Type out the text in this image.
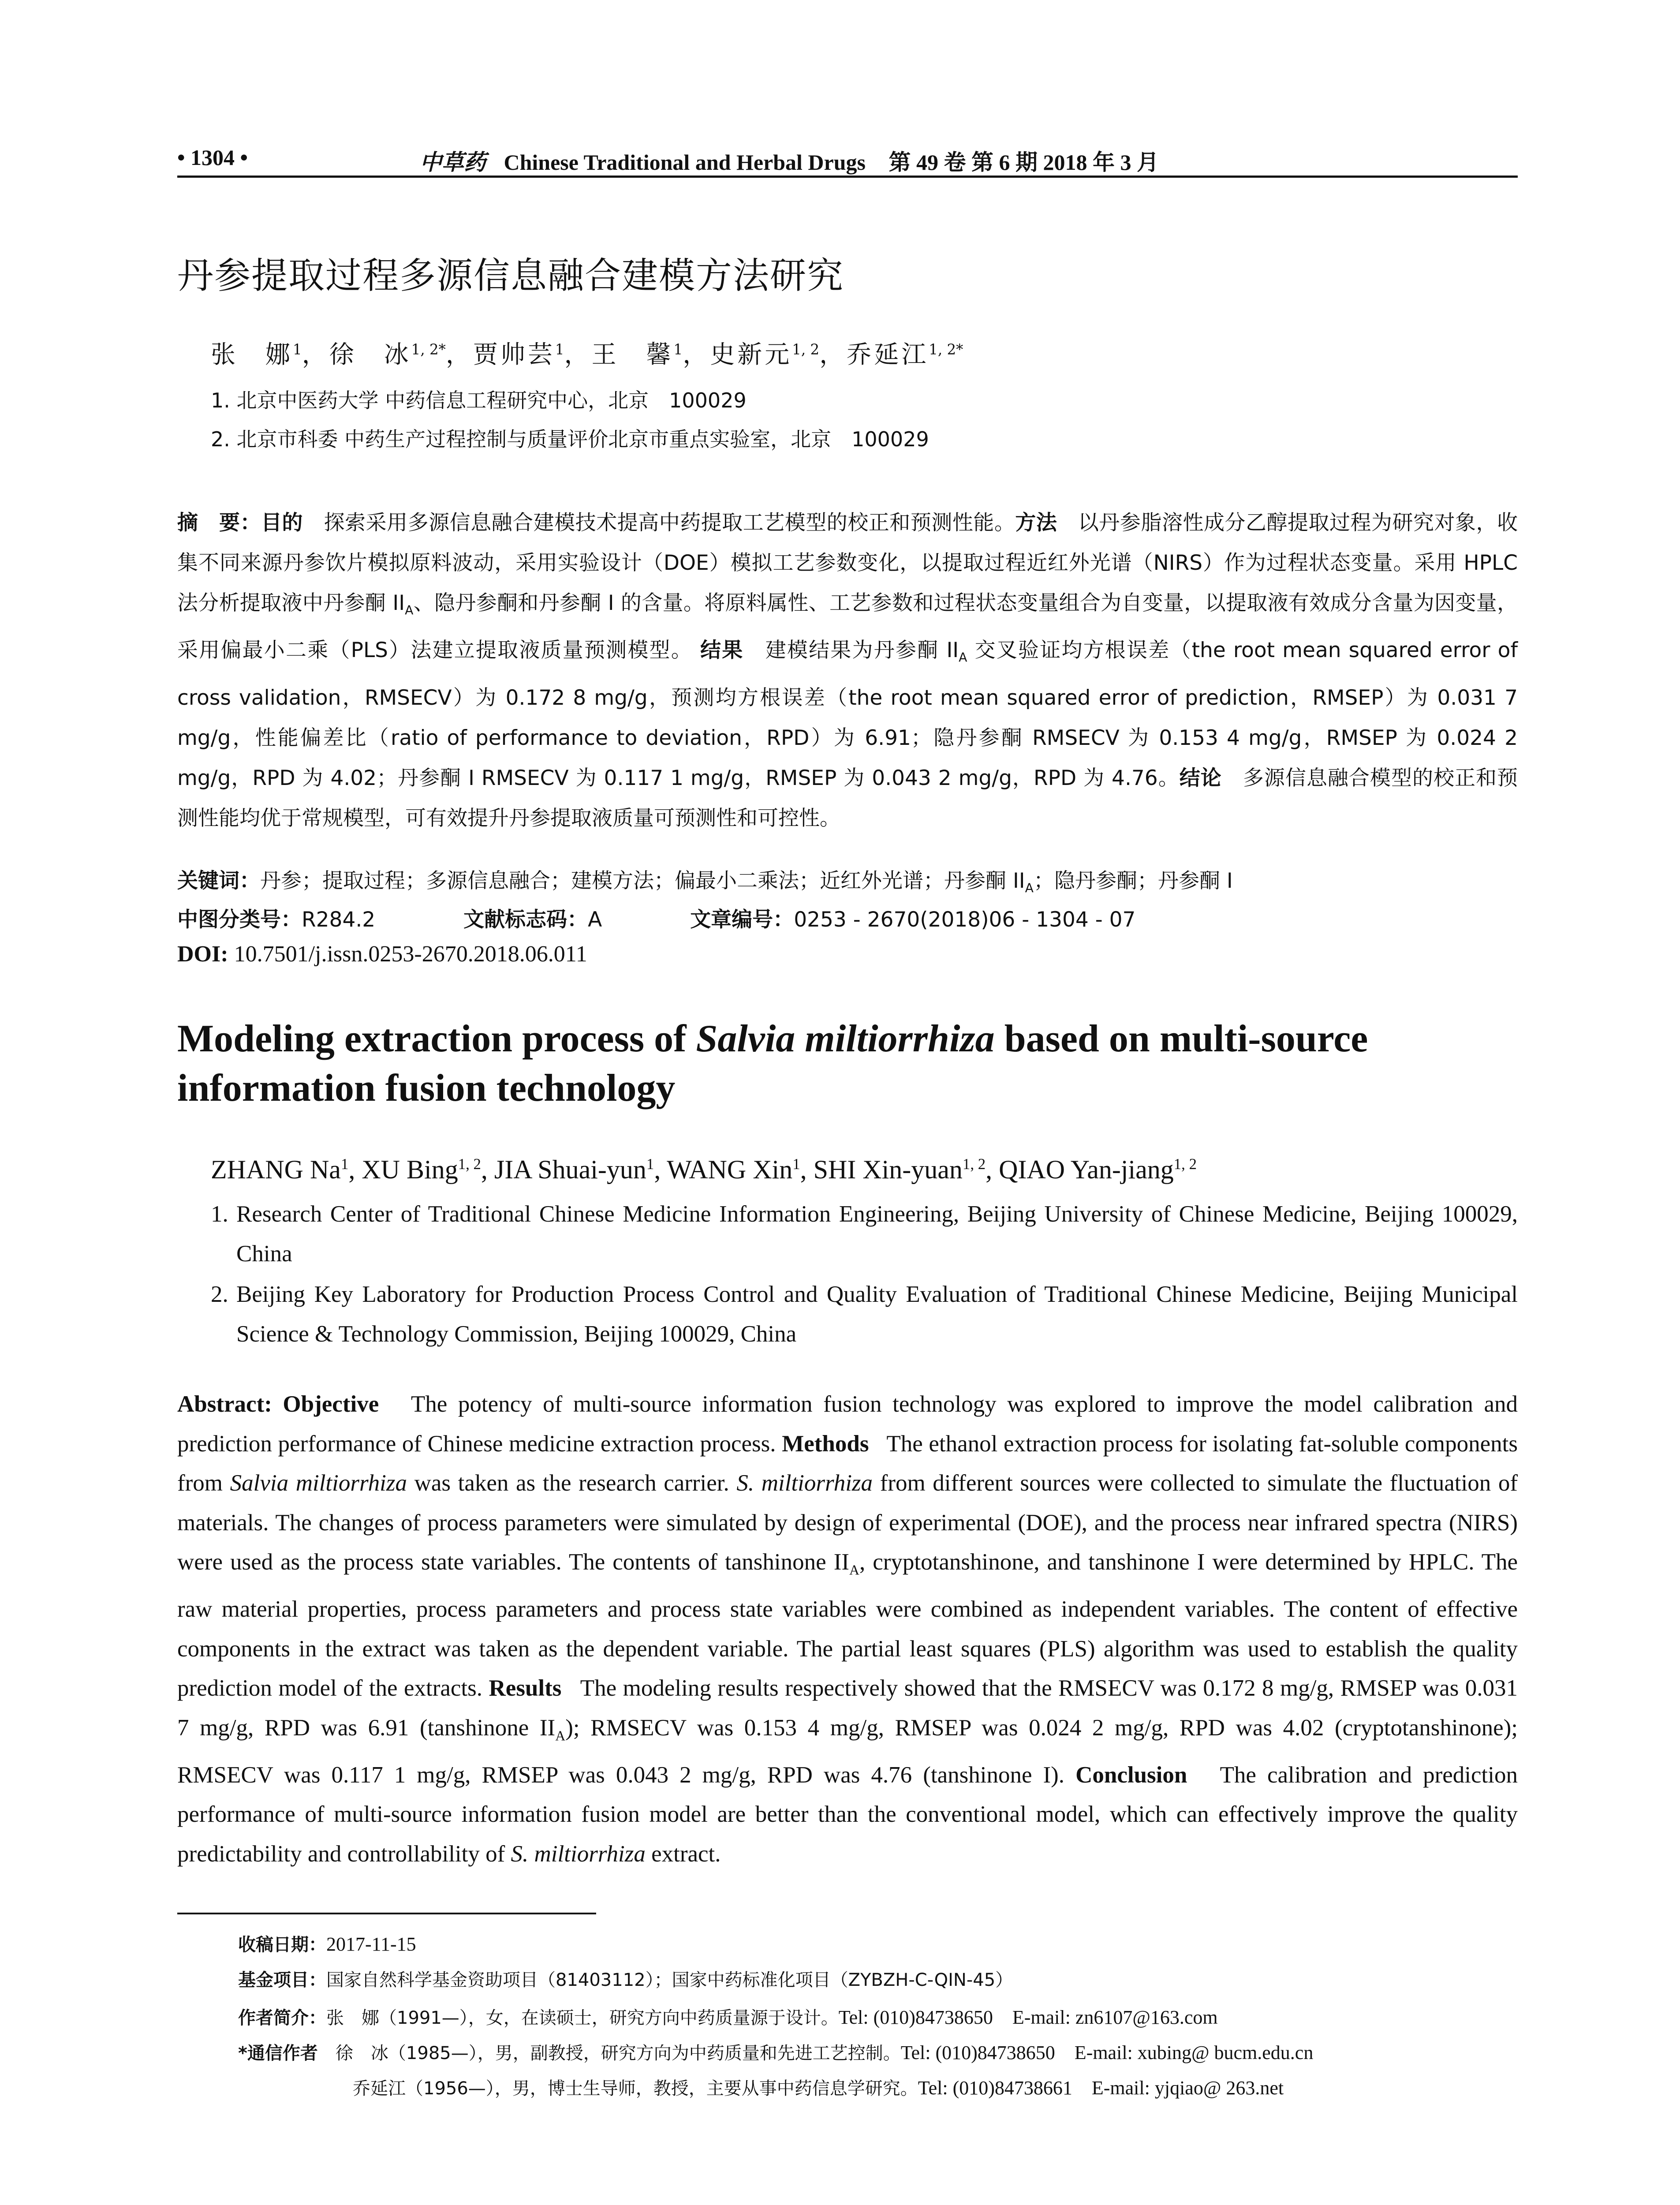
• 1304 •	中草药 Chinese Traditional and Herbal Drugs 第 49 卷 第 6 期 2018 年 3 月
丹参提取过程多源信息融合建模方法研究
张　娜$^1$，徐　冰$^{1, 2*}$，贾帅芸$^1$，王　馨$^1$，史新元$^{1, 2}$，乔延江$^{1, 2*}$
1. 北京中医药大学 中药信息工程研究中心，北京　100029
2. 北京市科委 中药生产过程控制与质量评价北京市重点实验室，北京　100029
摘　要：目的　 探索采用多源信息融合建模技术提高中药提取工艺模型的校正和预测性能。方法　 以丹参脂溶性成分乙醇提取过程为研究对象，收集不同来源丹参饮片模拟原料波动，采用实验设计（DOE）模拟工艺参数变化，以提取过程近红外光谱（NIRS）作为过程状态变量。采用 HPLC 法分析提取液中丹参酮 $II_A$、隐丹参酮和丹参酮 I 的含量。将原料属性、工艺参数和过程状态变量组合为自变量，以提取液有效成分含量为因变量，采用偏最小二乘（PLS）法建立提取液质量预测模型。 结果　 建模结果为丹参酮 $II_A$ 交叉验证均方根误差（the root mean squared error of cross validation，RMSECV）为 0.172 8 mg/g，预测均方根误差（the root mean squared error of prediction，RMSEP）为 0.031 7 mg/g，性能偏差比（ratio of performance to deviation，RPD）为 6.91；隐丹参酮 RMSECV 为 0.153 4 mg/g，RMSEP 为 0.024 2 mg/g，RPD 为 4.02；丹参酮 I RMSECV 为 0.117 1 mg/g，RMSEP 为 0.043 2 mg/g，RPD 为 4.76。结论　 多源信息融合模型的校正和预测性能均优于常规模型，可有效提升丹参提取液质量可预测性和可控性。
关键词：丹参；提取过程；多源信息融合；建模方法；偏最小二乘法；近红外光谱；丹参酮 $II_A$；隐丹参酮；丹参酮 I
中图分类号：R284.2	文献标志码：A	文章编号：0253 - 2670(2018)06 - 1304 - 07
DOI: 10.7501/j.issn.0253-2670.2018.06.011
Modeling extraction process of Salvia miltiorrhiza based on multi-source information fusion technology
ZHANG Na$^1$, XU Bing$^{1, 2}$, JIA Shuai-yun$^1$, WANG Xin$^1$, SHI Xin-yuan$^{1, 2}$, QIAO Yan-jiang$^{1, 2}$
1. Research Center of Traditional Chinese Medicine Information Engineering, Beijing University of Chinese Medicine, Beijing 100029, China
2. Beijing Key Laboratory for Production Process Control and Quality Evaluation of Traditional Chinese Medicine, Beijing Municipal Science & Technology Commission, Beijing 100029, China
Abstract: Objective The potency of multi-source information fusion technology was explored to improve the model calibration and prediction performance of Chinese medicine extraction process. Methods The ethanol extraction process for isolating fat-soluble components from Salvia miltiorrhiza was taken as the research carrier. S. miltiorrhiza from different sources were collected to simulate the fluctuation of materials. The changes of process parameters were simulated by design of experimental (DOE), and the process near infrared spectra (NIRS) were used as the process state variables. The contents of tanshinone $II_A$, cryptotanshinone, and tanshinone I were determined by HPLC. The raw material properties, process parameters and process state variables were combined as independent variables. The content of effective components in the extract was taken as the dependent variable. The partial least squares (PLS) algorithm was used to establish the quality prediction model of the extracts. Results The modeling results respectively showed that the RMSECV was 0.172 8 mg/g, RMSEP was 0.031 7 mg/g, RPD was 6.91 (tanshinone $II_A$); RMSECV was 0.153 4 mg/g, RMSEP was 0.024 2 mg/g, RPD was 4.02 (cryptotanshinone); RMSECV was 0.117 1 mg/g, RMSEP was 0.043 2 mg/g, RPD was 4.76 (tanshinone I). Conclusion The calibration and prediction performance of multi-source information fusion model are better than the conventional model, which can effectively improve the quality predictability and controllability of S. miltiorrhiza extract.
收稿日期：2017-11-15
基金项目：国家自然科学基金资助项目（81403112）；国家中药标准化项目（ZYBZH-C-QIN-45）
作者简介：张　娜（1991—），女，在读硕士，研究方向中药质量源于设计。Tel: (010)84738650　E-mail: zn6107@163.com
*通信作者　 徐　冰（1985—），男，副教授，研究方向为中药质量和先进工艺控制。Tel: (010)84738650　E-mail: xubing@ bucm.edu.cn
乔延江（1956—），男，博士生导师，教授，主要从事中药信息学研究。Tel: (010)84738661　E-mail: yjqiao@ 263.net
